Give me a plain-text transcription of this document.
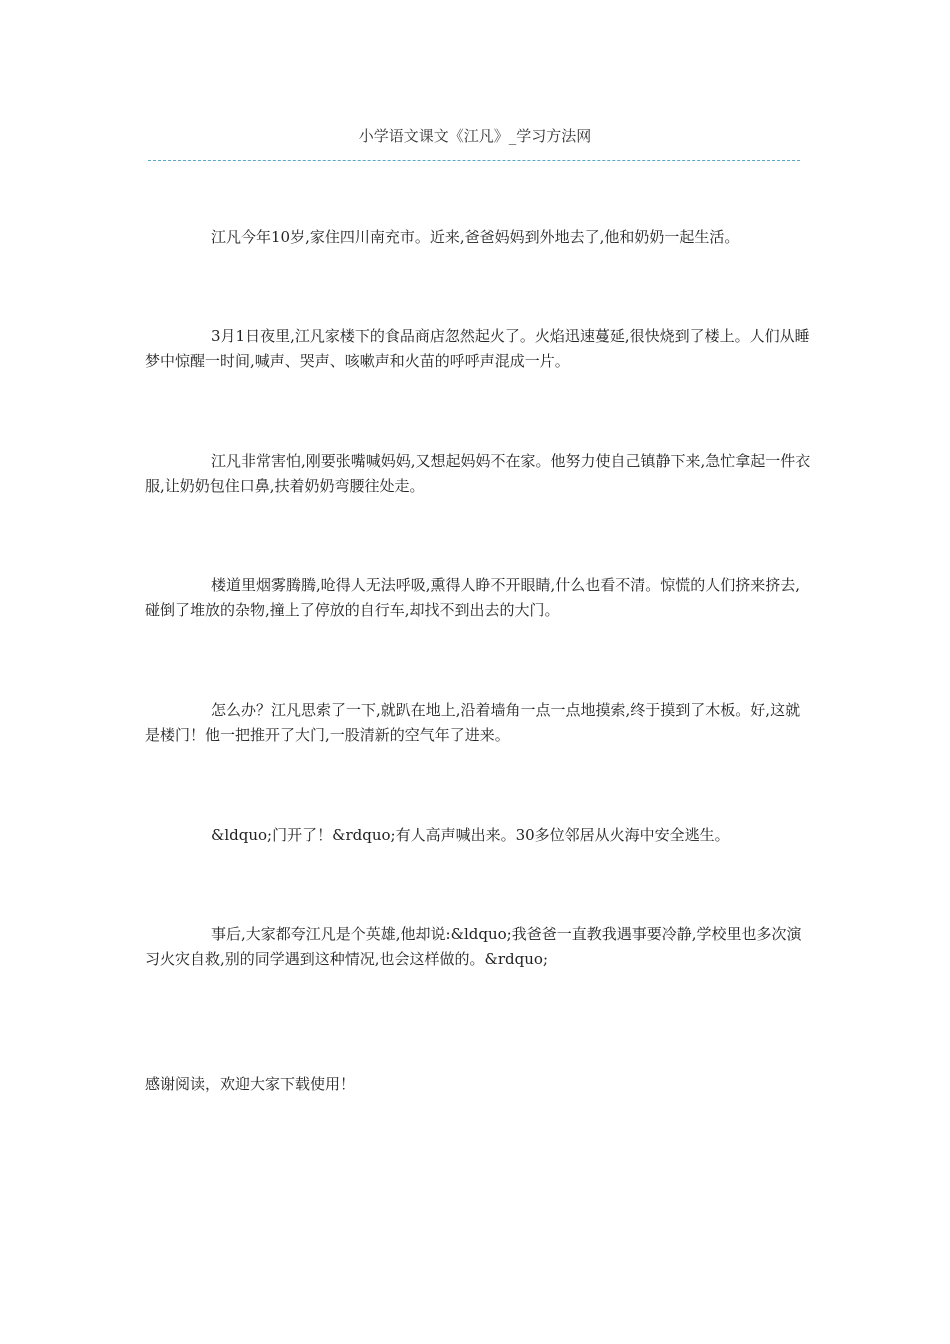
小学语文课文《江凡》_学习方法网

江凡今年10岁,家住四川南充市。近来,爸爸妈妈到外地去了,他和奶奶一起生活。

3月1日夜里,江凡家楼下的食品商店忽然起火了。火焰迅速蔓延,很快烧到了楼上。人们从睡梦中惊醒一时间,喊声、哭声、咳嗽声和火苗的呼呼声混成一片。

江凡非常害怕,刚要张嘴喊妈妈,又想起妈妈不在家。他努力使自己镇静下来,急忙拿起一件衣服,让奶奶包住口鼻,扶着奶奶弯腰往处走。

楼道里烟雾腾腾,呛得人无法呼吸,熏得人睁不开眼睛,什么也看不清。惊慌的人们挤来挤去,碰倒了堆放的杂物,撞上了停放的自行车,却找不到出去的大门。

怎么办？江凡思索了一下,就趴在地上,沿着墙角一点一点地摸索,终于摸到了木板。好,这就是楼门！他一把推开了大门,一股清新的空气年了进来。

&ldquo;门开了！&rdquo;有人高声喊出来。30多位邻居从火海中安全逃生。

事后,大家都夸江凡是个英雄,他却说:&ldquo;我爸爸一直教我遇事要冷静,学校里也多次演习火灾自救,别的同学遇到这种情况,也会这样做的。&rdquo;

感谢阅读，欢迎大家下载使用！
